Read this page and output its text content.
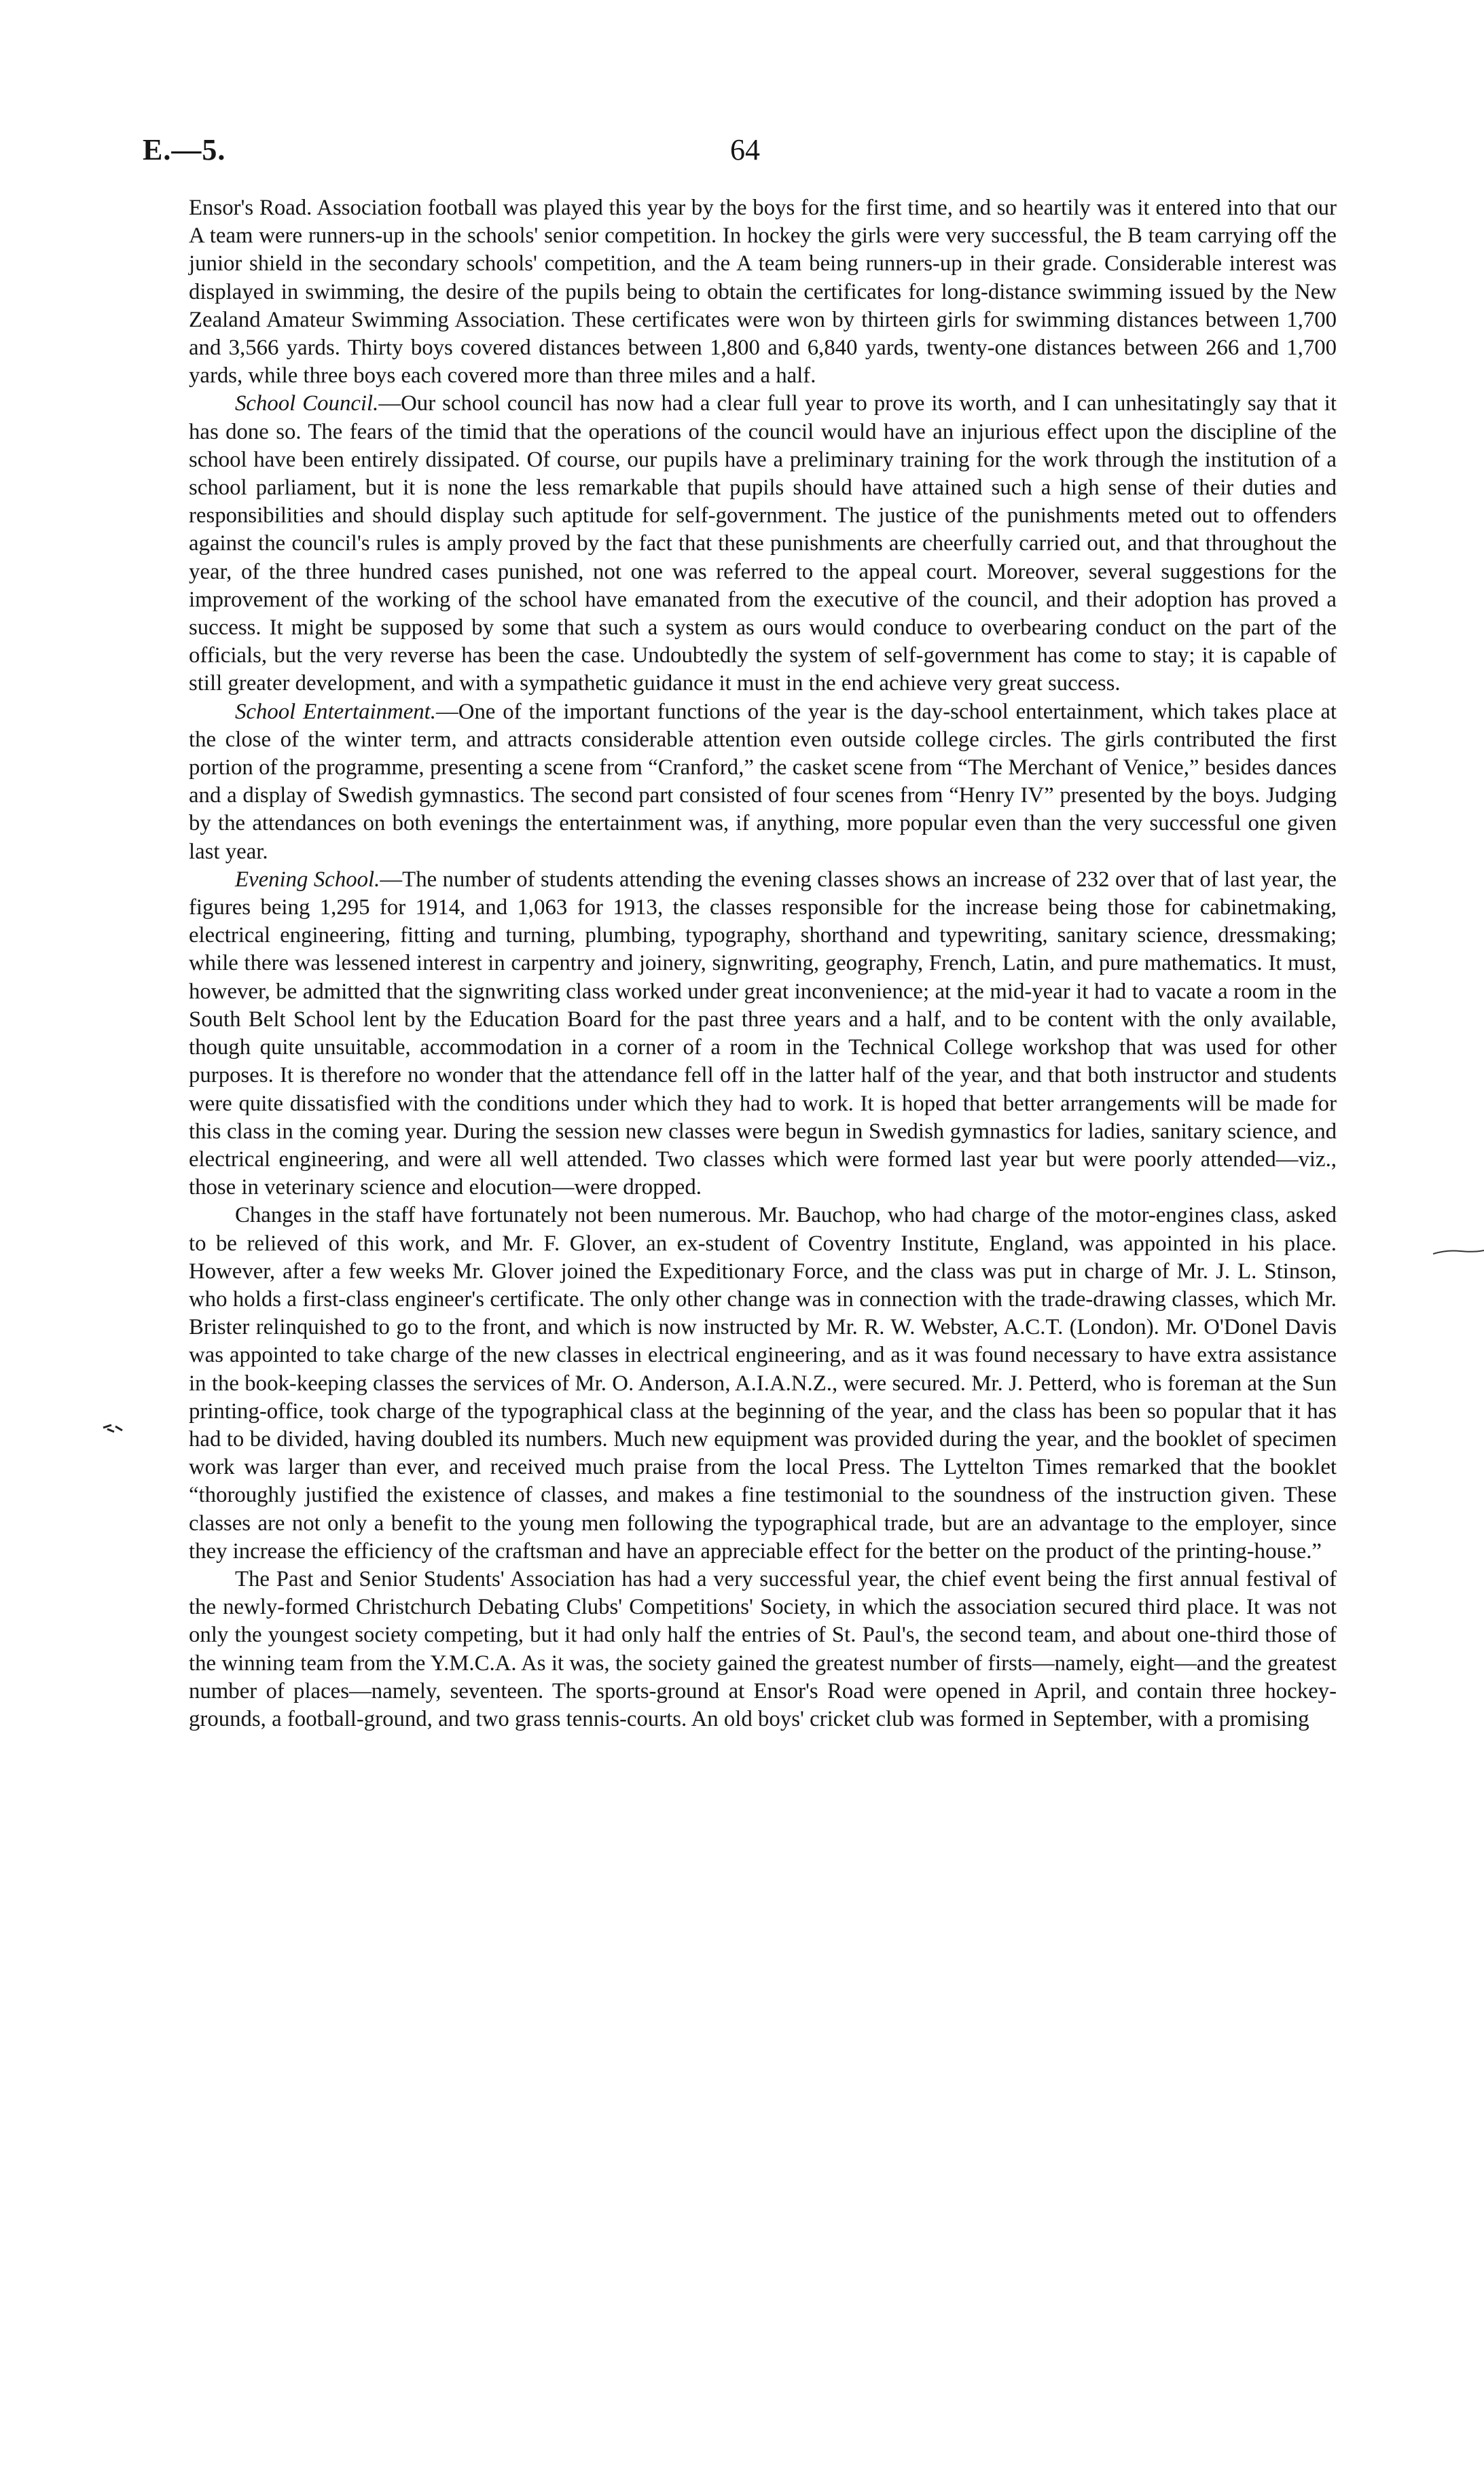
E.—5.	64

Ensor's Road. Association football was played this year by the boys for the first time, and so heartily was it entered into that our A team were runners-up in the schools' senior competition. In hockey the girls were very successful, the B team carrying off the junior shield in the secondary schools' competition, and the A team being runners-up in their grade. Considerable interest was displayed in swimming, the desire of the pupils being to obtain the certificates for long-distance swimming issued by the New Zealand Amateur Swimming Association. These certificates were won by thirteen girls for swimming distances between 1,700 and 3,566 yards. Thirty boys covered distances between 1,800 and 6,840 yards, twenty-one distances between 266 and 1,700 yards, while three boys each covered more than three miles and a half.

School Council.—Our school council has now had a clear full year to prove its worth, and I can unhesitatingly say that it has done so. The fears of the timid that the operations of the council would have an injurious effect upon the discipline of the school have been entirely dissipated. Of course, our pupils have a preliminary training for the work through the institution of a school parliament, but it is none the less remarkable that pupils should have attained such a high sense of their duties and responsibilities and should display such aptitude for self-government. The justice of the punishments meted out to offenders against the council's rules is amply proved by the fact that these punishments are cheerfully carried out, and that throughout the year, of the three hundred cases punished, not one was referred to the appeal court. Moreover, several suggestions for the improvement of the working of the school have emanated from the executive of the council, and their adoption has proved a success. It might be supposed by some that such a system as ours would conduce to overbearing conduct on the part of the officials, but the very reverse has been the case. Undoubtedly the system of self-government has come to stay; it is capable of still greater development, and with a sympathetic guidance it must in the end achieve very great success.

School Entertainment.—One of the important functions of the year is the day-school entertainment, which takes place at the close of the winter term, and attracts considerable attention even outside college circles. The girls contributed the first portion of the programme, presenting a scene from “Cranford,” the casket scene from “The Merchant of Venice,” besides dances and a display of Swedish gymnastics. The second part consisted of four scenes from “Henry IV” presented by the boys. Judging by the attendances on both evenings the entertainment was, if anything, more popular even than the very successful one given last year.

Evening School.—The number of students attending the evening classes shows an increase of 232 over that of last year, the figures being 1,295 for 1914, and 1,063 for 1913, the classes responsible for the increase being those for cabinetmaking, electrical engineering, fitting and turning, plumbing, typography, shorthand and typewriting, sanitary science, dressmaking; while there was lessened interest in carpentry and joinery, signwriting, geography, French, Latin, and pure mathematics. It must, however, be admitted that the signwriting class worked under great inconvenience; at the mid-year it had to vacate a room in the South Belt School lent by the Education Board for the past three years and a half, and to be content with the only available, though quite unsuitable, accommodation in a corner of a room in the Technical College workshop that was used for other purposes. It is therefore no wonder that the attendance fell off in the latter half of the year, and that both instructor and students were quite dissatisfied with the conditions under which they had to work. It is hoped that better arrangements will be made for this class in the coming year. During the session new classes were begun in Swedish gymnastics for ladies, sanitary science, and electrical engineering, and were all well attended. Two classes which were formed last year but were poorly attended—viz., those in veterinary science and elocution—were dropped.

Changes in the staff have fortunately not been numerous. Mr. Bauchop, who had charge of the motor-engines class, asked to be relieved of this work, and Mr. F. Glover, an ex-student of Coventry Institute, England, was appointed in his place. However, after a few weeks Mr. Glover joined the Expeditionary Force, and the class was put in charge of Mr. J. L. Stinson, who holds a first-class engineer's certificate. The only other change was in connection with the trade-drawing classes, which Mr. Brister relinquished to go to the front, and which is now instructed by Mr. R. W. Webster, A.C.T. (London). Mr. O'Donel Davis was appointed to take charge of the new classes in electrical engineering, and as it was found necessary to have extra assistance in the book-keeping classes the services of Mr. O. Anderson, A.I.A.N.Z., were secured. Mr. J. Petterd, who is foreman at the Sun printing-office, took charge of the typographical class at the beginning of the year, and the class has been so popular that it has had to be divided, having doubled its numbers. Much new equipment was provided during the year, and the booklet of specimen work was larger than ever, and received much praise from the local Press. The Lyttelton Times remarked that the booklet “thoroughly justified the existence of classes, and makes a fine testimonial to the soundness of the instruction given. These classes are not only a benefit to the young men following the typographical trade, but are an advantage to the employer, since they increase the efficiency of the craftsman and have an appreciable effect for the better on the product of the printing-house.”

The Past and Senior Students' Association has had a very successful year, the chief event being the first annual festival of the newly-formed Christchurch Debating Clubs' Competitions' Society, in which the association secured third place. It was not only the youngest society competing, but it had only half the entries of St. Paul's, the second team, and about one-third those of the winning team from the Y.M.C.A. As it was, the society gained the greatest number of firsts—namely, eight—and the greatest number of places—namely, seventeen. The sports-ground at Ensor's Road were opened in April, and contain three hockey-grounds, a football-ground, and two grass tennis-courts. An old boys' cricket club was formed in September, with a promising
